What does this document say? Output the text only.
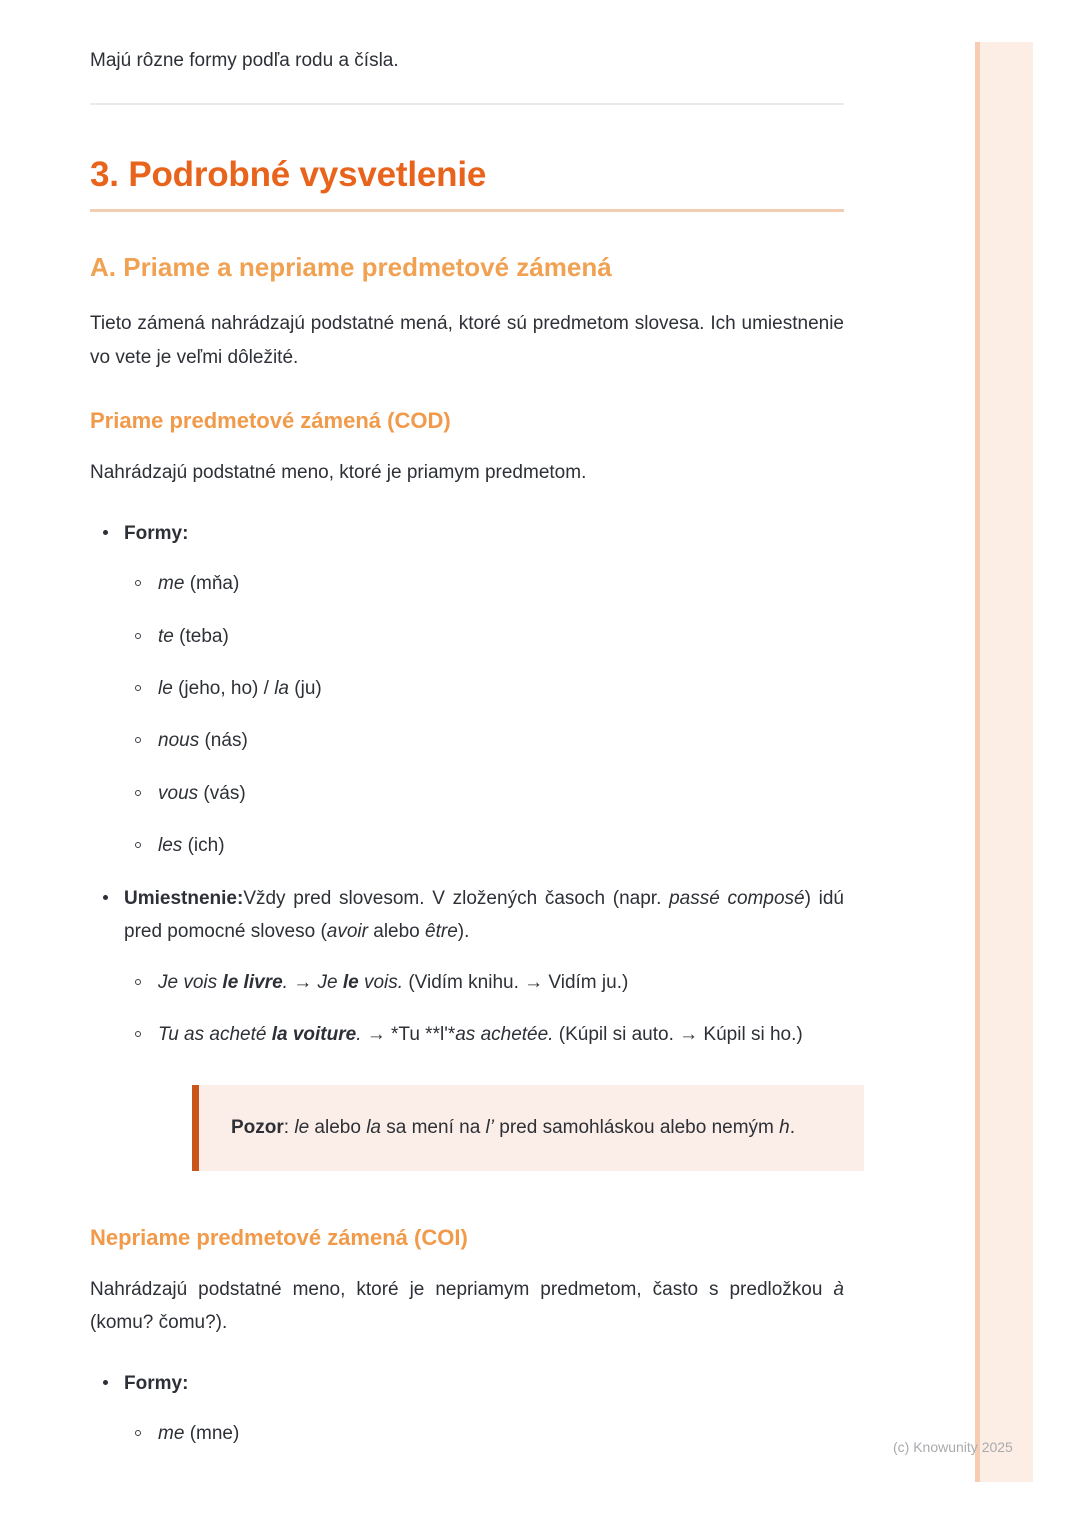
Majú rôzne formy podľa rodu a čísla.

3. Podrobné vysvetlenie
A. Priame a nepriame predmetové zámená

Tieto zámená nahrádzajú podstatné mená, ktoré sú predmetom slovesa. Ich umiestnenie vo vete je veľmi dôležité.

Priame predmetové zámená (COD)

Nahrádzajú podstatné meno, ktoré je priamym predmetom.

Formy:
me (mňa)
te (teba)
le (jeho, ho) / la (ju)
nous (nás)
vous (vás)
les (ich)
Umiestnenie:Vždy pred slovesom. V zložených časoch (napr. passé composé) idú pred pomocné sloveso (avoir alebo être).
Je vois le livre. → Je le vois. (Vidím knihu. → Vidím ju.)
Tu as acheté la voiture. → *Tu **l'*as achetée. (Kúpil si auto. → Kúpil si ho.)

Pozor: le alebo la sa mení na l’ pred samohláskou alebo nemým h.

Nepriame predmetové zámená (COI)

Nahrádzajú podstatné meno, ktoré je nepriamym predmetom, často s predložkou à (komu? čomu?).

Formy:
me (mne)
(c) Knowunity 2025
